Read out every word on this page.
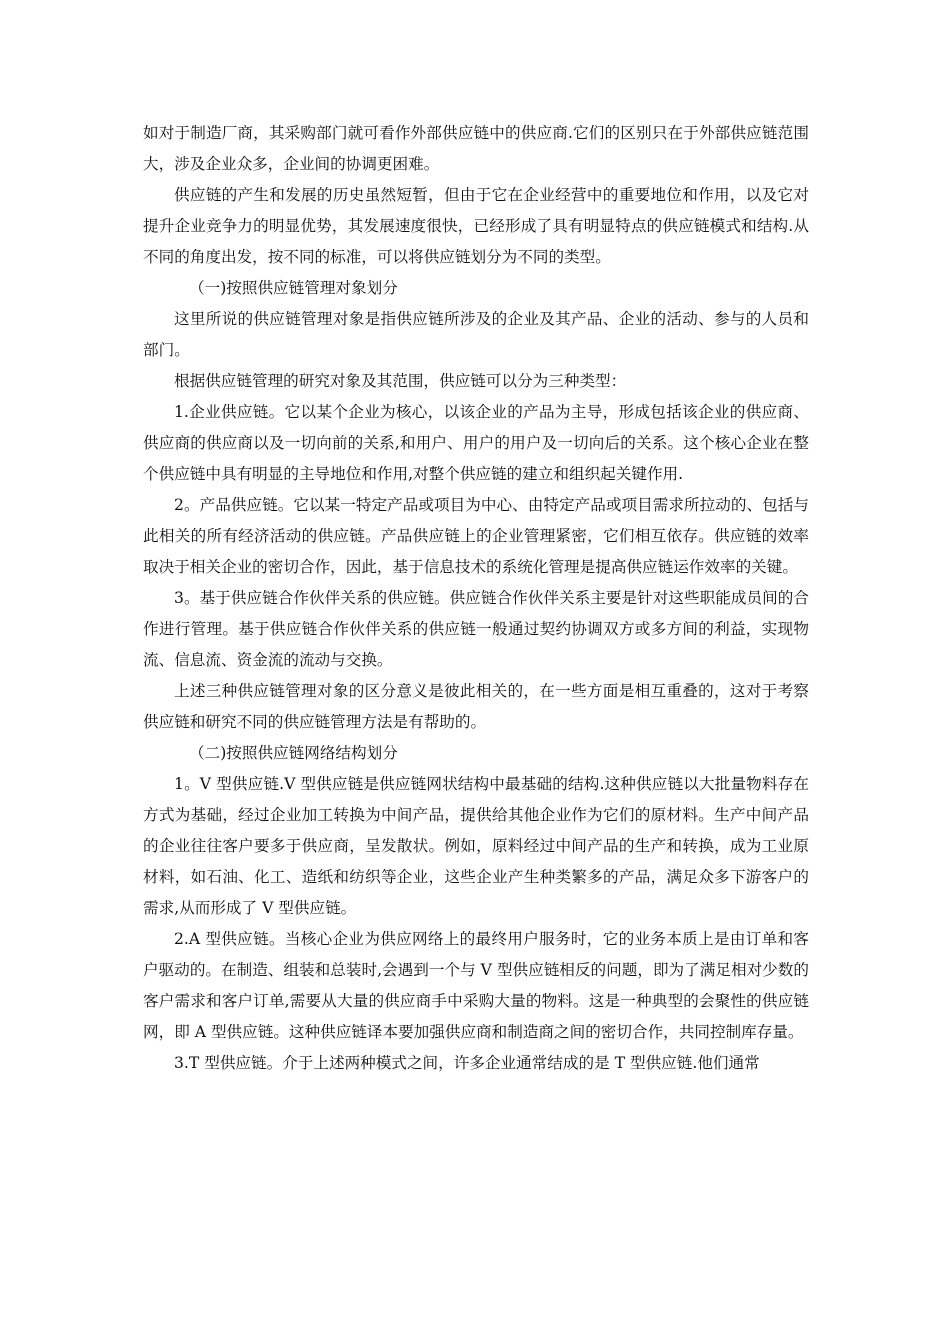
如对于制造厂商，其采购部门就可看作外部供应链中的供应商.它们的区别只在于外部供应链范围大，涉及企业众多，企业间的协调更困难。

供应链的产生和发展的历史虽然短暂，但由于它在企业经营中的重要地位和作用，以及它对提升企业竞争力的明显优势，其发展速度很快，已经形成了具有明显特点的供应链模式和结构.从不同的角度出发，按不同的标准，可以将供应链划分为不同的类型。

（一)按照供应链管理对象划分

这里所说的供应链管理对象是指供应链所涉及的企业及其产品、企业的活动、参与的人员和部门。

根据供应链管理的研究对象及其范围，供应链可以分为三种类型：

1.企业供应链。它以某个企业为核心，以该企业的产品为主导，形成包括该企业的供应商、供应商的供应商以及一切向前的关系,和用户、用户的用户及一切向后的关系。这个核心企业在整个供应链中具有明显的主导地位和作用,对整个供应链的建立和组织起关键作用.

2。产品供应链。它以某一特定产品或项目为中心、由特定产品或项目需求所拉动的、包括与此相关的所有经济活动的供应链。产品供应链上的企业管理紧密，它们相互依存。供应链的效率取决于相关企业的密切合作，因此，基于信息技术的系统化管理是提高供应链运作效率的关键。

3。基于供应链合作伙伴关系的供应链。供应链合作伙伴关系主要是针对这些职能成员间的合作进行管理。基于供应链合作伙伴关系的供应链一般通过契约协调双方或多方间的利益，实现物流、信息流、资金流的流动与交换。

上述三种供应链管理对象的区分意义是彼此相关的，在一些方面是相互重叠的，这对于考察供应链和研究不同的供应链管理方法是有帮助的。

（二)按照供应链网络结构划分

1。V 型供应链.V 型供应链是供应链网状结构中最基础的结构.这种供应链以大批量物料存在方式为基础，经过企业加工转换为中间产品，提供给其他企业作为它们的原材料。生产中间产品的企业往往客户要多于供应商，呈发散状。例如，原料经过中间产品的生产和转换，成为工业原材料，如石油、化工、造纸和纺织等企业，这些企业产生种类繁多的产品，满足众多下游客户的需求,从而形成了 V 型供应链。

2.A 型供应链。当核心企业为供应网络上的最终用户服务时，它的业务本质上是由订单和客户驱动的。在制造、组装和总装时,会遇到一个与 V 型供应链相反的问题，即为了满足相对少数的客户需求和客户订单,需要从大量的供应商手中采购大量的物料。这是一种典型的会聚性的供应链网，即 A 型供应链。这种供应链译本要加强供应商和制造商之间的密切合作，共同控制库存量。

3.T 型供应链。介于上述两种模式之间，许多企业通常结成的是 T 型供应链.他们通常
